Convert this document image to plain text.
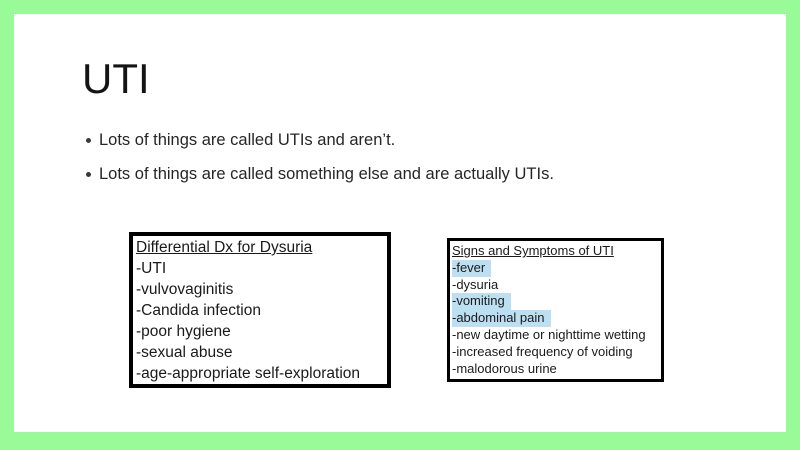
UTI
Lots of things are called UTIs and aren’t.
Lots of things are called something else and are actually UTIs.
Differential Dx for Dysuria
-UTI
-vulvovaginitis
-Candida infection
-poor hygiene
-sexual abuse
-age-appropriate self-exploration
Signs and Symptoms of UTI
-fever
-dysuria
-vomiting
-abdominal pain
-new daytime or nighttime wetting
-increased frequency of voiding
-malodorous urine
